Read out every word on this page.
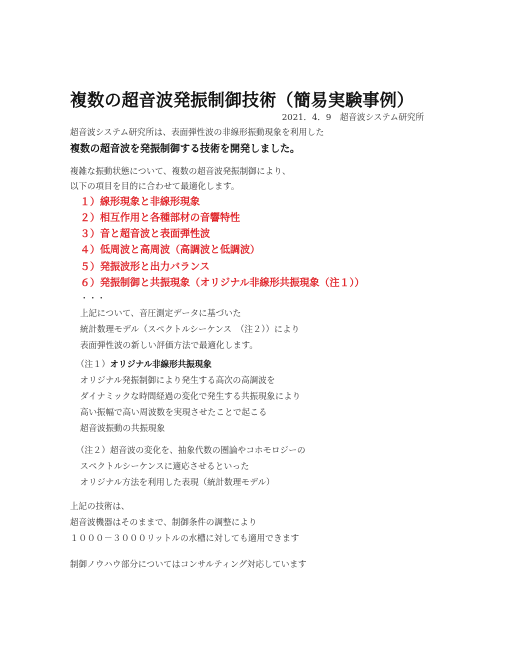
複数の超音波発振制御技術（簡易実験事例）
2021．4．9　超音波システム研究所
超音波システム研究所は、表面弾性波の非線形振動現象を利用した
複数の超音波を発振制御する技術を開発しました。
複雑な振動状態について、複数の超音波発振制御により、
以下の項目を目的に合わせて最適化します。
１）線形現象と非線形現象
２）相互作用と各種部材の音響特性
３）音と超音波と表面弾性波
４）低周波と高周波（高調波と低調波）
５）発振波形と出力バランス
６）発振制御と共振現象（オリジナル非線形共振現象（注１））
・・・
上記について、音圧測定データに基づいた
統計数理モデル（スペクトルシーケンス　（注２））により
表面弾性波の新しい評価方法で最適化します。
（注１）オリジナル非線形共振現象
オリジナル発振制御により発生する高次の高調波を
ダイナミックな時間経過の変化で発生する共振現象により
高い振幅で高い周波数を実現させたことで起こる
超音波振動の共振現象
（注２）超音波の変化を、抽象代数の圏論やコホモロジーの
スペクトルシーケンスに適応させるといった
オリジナル方法を利用した表現（統計数理モデル）
上記の技術は、
超音波機器はそのままで、制御条件の調整により
１０００－３０００リットルの水槽に対しても適用できます
制御ノウハウ部分についてはコンサルティング対応しています
